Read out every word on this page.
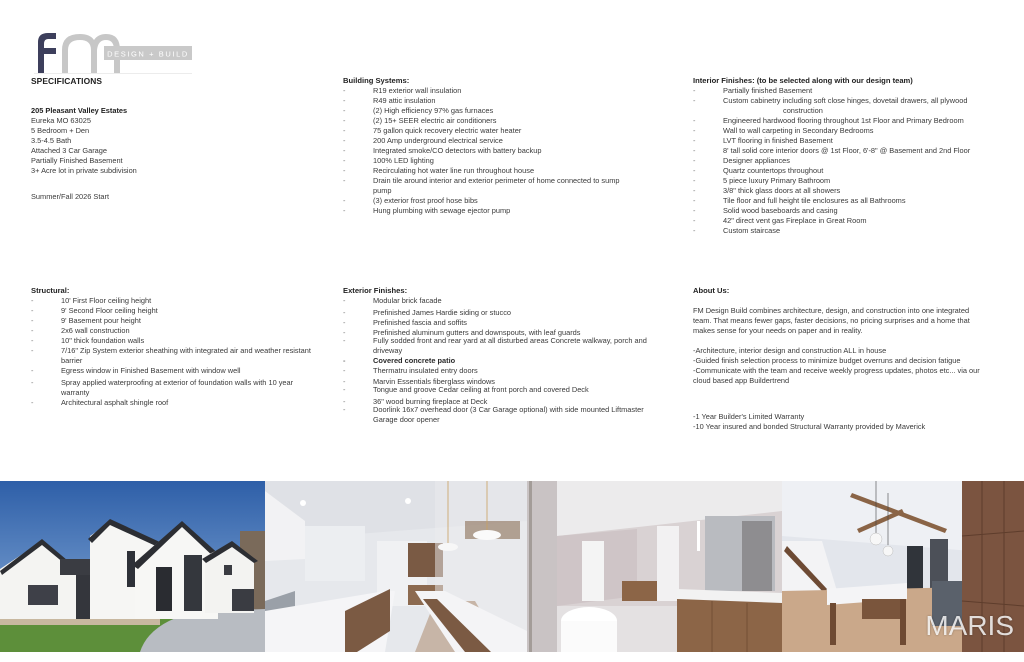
DESIGN + BUILD
SPECIFICATIONS
205 Pleasant Valley Estates
Eureka MO 63025
5 Bedroom + Den
3.5-4.5 Bath
Attached 3 Car Garage
Partially Finished Basement
3+ Acre lot in private subdivision
Summer/Fall 2026 Start
Building Systems:
- R19 exterior wall insulation
- R49 attic insulation
- (2) High efficiency 97% gas furnaces
- (2) 15+ SEER electric air conditioners
- 75 gallon quick recovery electric water heater
- 200 Amp underground electrical service
- Integrated smoke/CO detectors with battery backup
- 100% LED lighting
- Recirculating hot water line run throughout house
- Drain tile around interior and exterior perimeter of home connected to sump pump
- (3) exterior frost proof hose bibs
- Hung plumbing with sewage ejector pump
Interior Finishes: (to be selected along with our design team)
- Partially finished Basement
- Custom cabinetry including soft close hinges, dovetail drawers, all plywood
construction
- Engineered hardwood flooring throughout 1st Floor and Primary Bedroom
- Wall to wall carpeting in Secondary Bedrooms
- LVT flooring in finished Basement
- 8' tall solid core interior doors @ 1st Floor, 6'-8" @ Basement and 2nd Floor
- Designer appliances
- Quartz countertops throughout
- 5 piece luxury Primary Bathroom
- 3/8" thick glass doors at all showers
- Tile floor and full height tile enclosures as all Bathrooms
- Solid wood baseboards and casing
- 42" direct vent gas Fireplace in Great Room
- Custom staircase
Structural:
- 10' First Floor ceiling height
- 9' Second Floor ceiling height
- 9' Basement pour height
- 2x6 wall construction
- 10" thick foundation walls
- 7/16" Zip System exterior sheathing with integrated air and weather resistant barrier
- Egress window in Finished Basement with window well
- Spray applied waterproofing at exterior of foundation walls with 10 year warranty
- Architectural asphalt shingle roof
Exterior Finishes:
- Modular brick facade
- Prefinished James Hardie siding or stucco
- Prefinished fascia and soffits
- Prefinished aluminum gutters and downspouts, with leaf guards
- Fully sodded front and rear yard at all disturbed areas Concrete walkway, porch and driveway
- Covered concrete patio
- Thermatru insulated entry doors
- Marvin Essentials fiberglass windows
- Tongue and groove Cedar ceiling at front porch and covered Deck
- 36" wood burning fireplace at Deck
- Doorlink 16x7 overhead door (3 Car Garage optional) with side mounted Liftmaster Garage door opener
About Us:

FM Design Build combines architecture, design, and construction into one integrated team. That means fewer gaps, faster decisions, no pricing surprises and a home that makes sense for your needs on paper and in reality.

-Architecture, interior design and construction ALL in house
-Guided finish selection process to minimize budget overruns and decision fatigue
-Communicate with the team and receive weekly progress updates, photos etc... via our cloud based app Buildertrend
-1 Year Builder's Limited Warranty
-10 Year insured and bonded Structural Warranty provided by Maverick
MARIS
